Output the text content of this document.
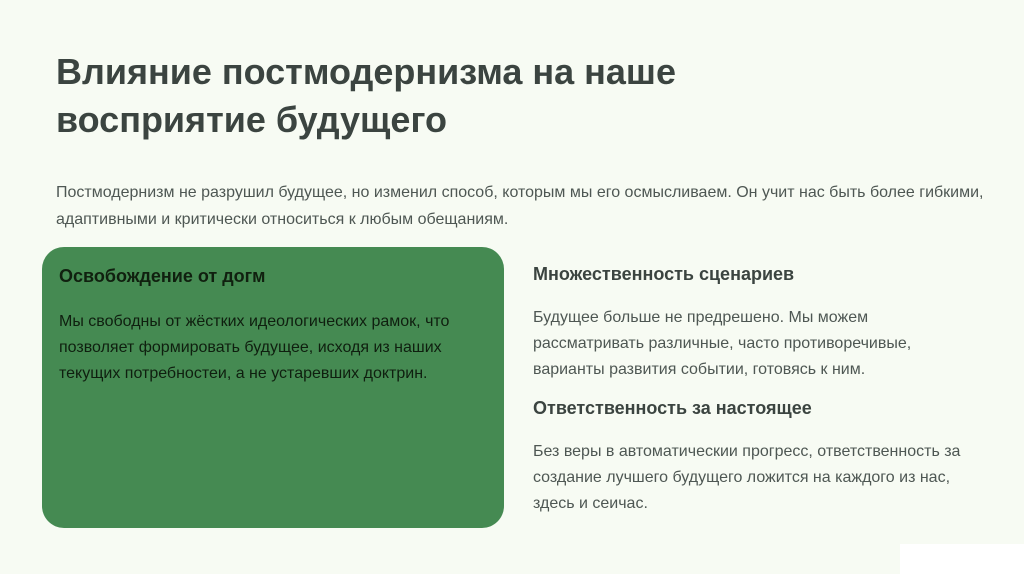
Влияние постмодернизма на наше восприятие будущего

Постмодернизм не разрушил будущее, но изменил способ, которым мы его осмысливаем. Он учит нас быть более гибкими, адаптивными и критически относиться к любым обещаниям.

Освобождение от догм

Мы свободны от жёстких идеологических рамок, что позволяет формировать будущее, исходя из наших текущих потребностеи, а не устаревших доктрин.

Множественность сценариев

Будущее больше не предрешено. Мы можем рассматривать различные, часто противоречивые, варианты развития событии, готовясь к ним.

Ответственность за настоящее

Без веры в автоматическии прогресс, ответственность за создание лучшего будущего ложится на каждого из нас, здесь и сеичас.
